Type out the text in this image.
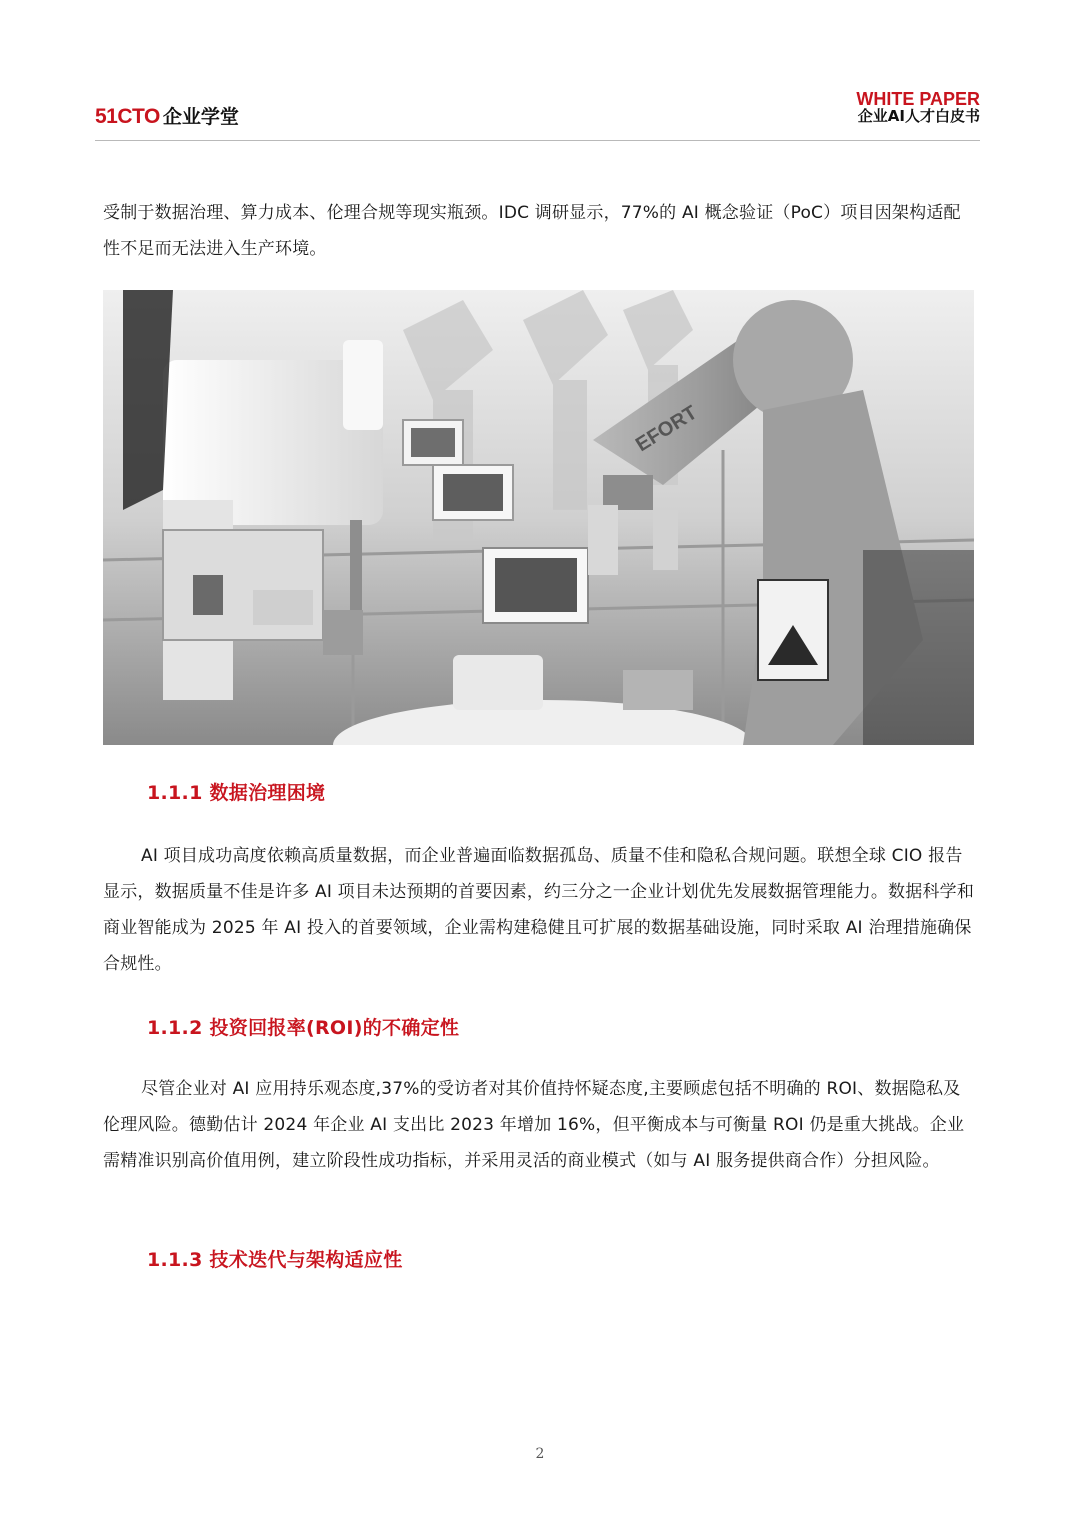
51CTO 企业学堂
WHITE PAPER
企业AI人才白皮书

受制于数据治理、算力成本、伦理合规等现实瓶颈。IDC 调研显示，77%的 AI 概念验证（PoC）项目因架构适配性不足而无法进入生产环境。

EFORT

1.1.1 数据治理困境

AI 项目成功高度依赖高质量数据，而企业普遍面临数据孤岛、质量不佳和隐私合规问题。联想全球 CIO 报告显示，数据质量不佳是许多 AI 项目未达预期的首要因素，约三分之一企业计划优先发展数据管理能力。数据科学和商业智能成为 2025 年 AI 投入的首要领域，企业需构建稳健且可扩展的数据基础设施，同时采取 AI 治理措施确保合规性。

1.1.2 投资回报率(ROI)的不确定性

尽管企业对 AI 应用持乐观态度,37%的受访者对其价值持怀疑态度,主要顾虑包括不明确的 ROI、数据隐私及伦理风险。德勤估计 2024 年企业 AI 支出比 2023 年增加 16%，但平衡成本与可衡量 ROI 仍是重大挑战。企业需精准识别高价值用例，建立阶段性成功指标，并采用灵活的商业模式（如与 AI 服务提供商合作）分担风险。

1.1.3 技术迭代与架构适应性

2
